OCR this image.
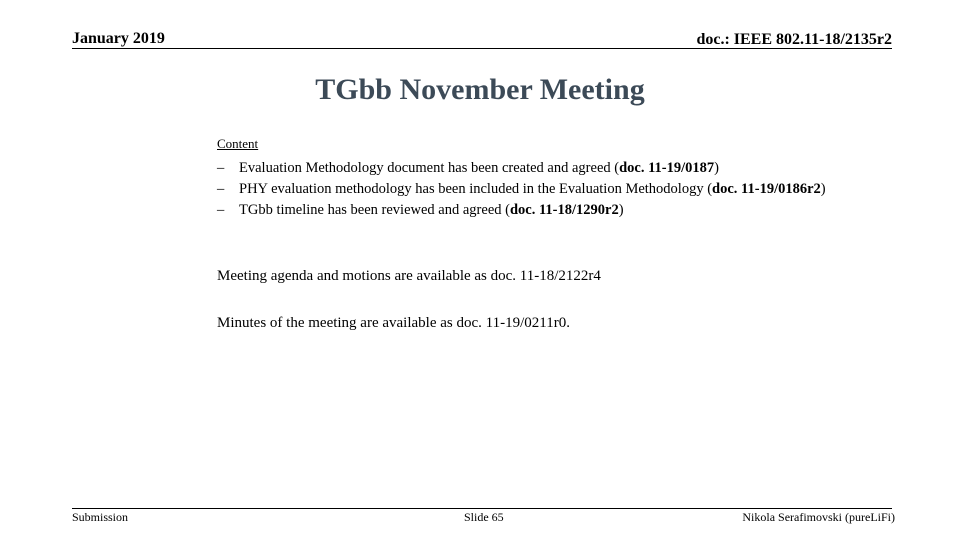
January 2019	doc.: IEEE 802.11-18/2135r2
TGbb November Meeting
Content
– Evaluation Methodology document has been created and agreed (doc. 11-19/0187)
– PHY evaluation methodology has been included in the Evaluation Methodology (doc. 11-19/0186r2)
– TGbb timeline has been reviewed and agreed (doc. 11-18/1290r2)
Meeting agenda and motions are available as doc. 11-18/2122r4
Minutes of the meeting are available as doc. 11-19/0211r0.
Submission	Slide 65	Nikola Serafimovski (pureLiFi)
